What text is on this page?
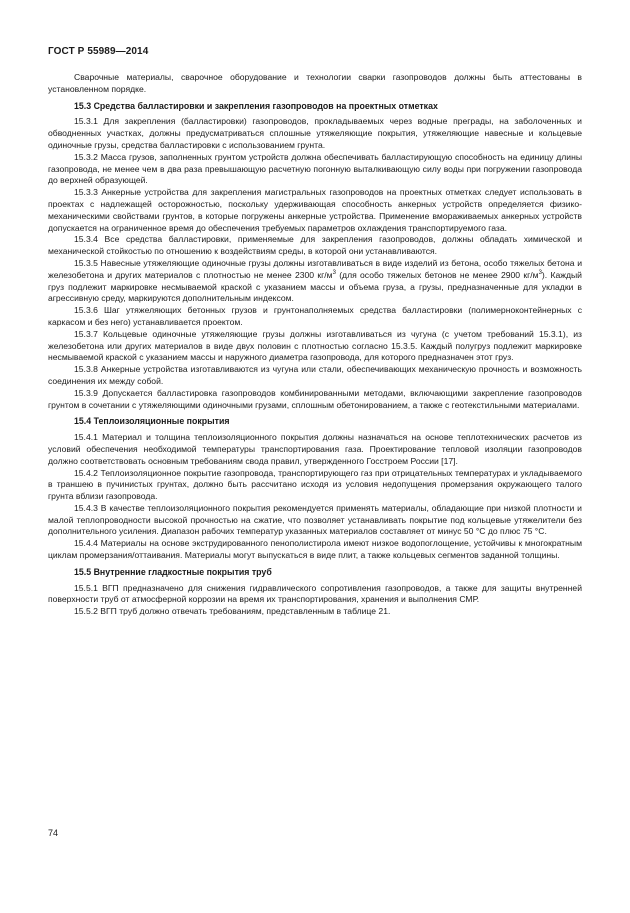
ГОСТ Р 55989—2014

Сварочные материалы, сварочное оборудование и технологии сварки газопроводов должны быть аттестованы в установленном порядке.

15.3 Средства балластировки и закрепления газопроводов на проектных отметках

15.3.1 Для закрепления (балластировки) газопроводов, прокладываемых через водные преграды, на заболоченных и обводненных участках, должны предусматриваться сплошные утяжеляющие покрытия, утяжеляющие навесные и кольцевые одиночные грузы, средства балластировки с использованием грунта.

15.3.2 Масса грузов, заполненных грунтом устройств должна обеспечивать балластирующую способность на единицу длины газопровода, не менее чем в два раза превышающую расчетную погонную выталкивающую силу воды при погружении газопровода до верхней образующей.

15.3.3 Анкерные устройства для закрепления магистральных газопроводов на проектных отметках следует использовать в проектах с надлежащей осторожностью, поскольку удерживающая способность анкерных устройств определяется физико-механическими свойствами грунтов, в которые погружены анкерные устройства. Применение вмораживаемых анкерных устройств допускается на ограниченное время до обеспечения требуемых параметров охлаждения транспортируемого газа.

15.3.4 Все средства балластировки, применяемые для закрепления газопроводов, должны обладать химической и механической стойкостью по отношению к воздействиям среды, в которой они устанавливаются.

15.3.5 Навесные утяжеляющие одиночные грузы должны изготавливаться в виде изделий из бетона, особо тяжелых бетона и железобетона и других материалов с плотностью не менее 2300 $кг/м^3$ (для особо тяжелых бетонов не менее 2900 $кг/м^3$). Каждый груз подлежит маркировке несмываемой краской с указанием массы и объема груза, а грузы, предназначенные для укладки в агрессивную среду, маркируются дополнительным индексом.

15.3.6 Шаг утяжеляющих бетонных грузов и грунтонаполняемых средства балластировки (полимерноконтейнерных с каркасом и без него) устанавливается проектом.

15.3.7 Кольцевые одиночные утяжеляющие грузы должны изготавливаться из чугуна (с учетом требований 15.3.1), из железобетона или других материалов в виде двух половин с плотностью согласно 15.3.5. Каждый полугруз подлежит маркировке несмываемой краской с указанием массы и наружного диаметра газопровода, для которого предназначен этот груз.

15.3.8 Анкерные устройства изготавливаются из чугуна или стали, обеспечивающих механическую прочность и возможность соединения их между собой.

15.3.9 Допускается балластировка газопроводов комбинированными методами, включающими закрепление газопроводов грунтом в сочетании с утяжеляющими одиночными грузами, сплошным обетонированием, а также с геотекстильными материалами.

15.4 Теплоизоляционные покрытия

15.4.1 Материал и толщина теплоизоляционного покрытия должны назначаться на основе теплотехнических расчетов из условий обеспечения необходимой температуры транспортирования газа. Проектирование тепловой изоляции газопроводов должно соответствовать основным требованиям свода правил, утвержденного Госстроем России [17].

15.4.2 Теплоизоляционное покрытие газопровода, транспортирующего газ при отрицательных температурах и укладываемого в траншею в пучинистых грунтах, должно быть рассчитано исходя из условия недопущения промерзания окружающего талого грунта вблизи газопровода.

15.4.3 В качестве теплоизоляционного покрытия рекомендуется применять материалы, обладающие при низкой плотности и малой теплопроводности высокой прочностью на сжатие, что позволяет устанавливать покрытие под кольцевые утяжелители без дополнительного усиления. Диапазон рабочих температур указанных материалов составляет от минус 50 °C до плюс 75 °C.

15.4.4 Материалы на основе экструдированного пенополистирола имеют низкое водопоглощение, устойчивы к многократным циклам промерзания/оттаивания. Материалы могут выпускаться в виде плит, а также кольцевых сегментов заданной толщины.

15.5 Внутренние гладкостные покрытия труб

15.5.1 ВГП предназначено для снижения гидравлического сопротивления газопроводов, а также для защиты внутренней поверхности труб от атмосферной коррозии на время их транспортирования, хранения и выполнения СМР.

15.5.2 ВГП труб должно отвечать требованиям, представленным в таблице 21.

74
